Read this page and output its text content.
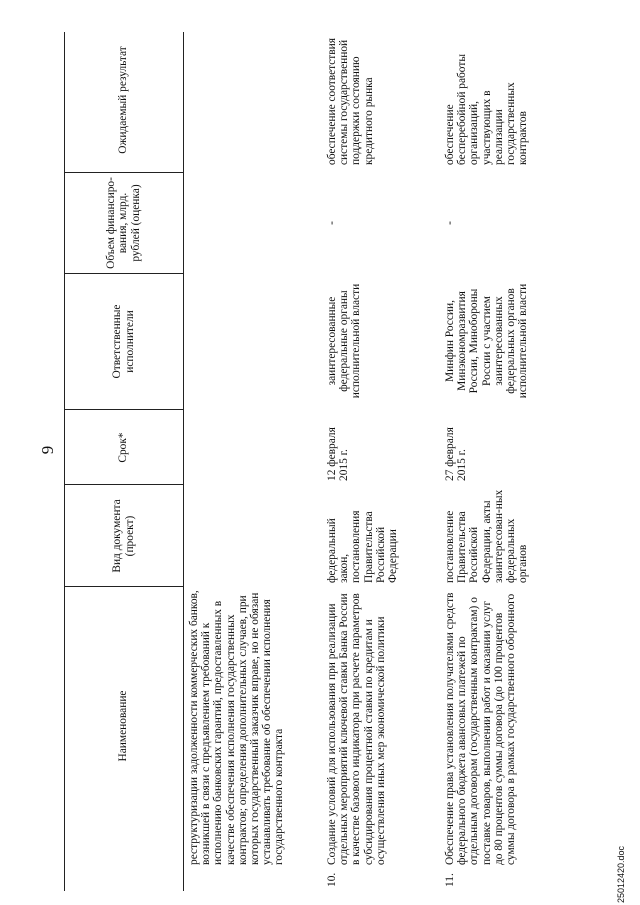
9
Наименование
Вид документа (проект)
Срок*
Ответственные исполнители
Объем финансиро-вания, млрд. рублей (оценка)
Ожидаемый результат
реструктуризации задолженности коммерческих банков, возникшей в связи с предъявлением требований к исполнению банковских гарантий, предоставленных в качестве обеспечения исполнения государственных контрактов; определения дополнительных случаев, при которых государственный заказчик вправе, но не обязан устанавливать требование об обеспечении исполнения государственного контракта
10.
Создание условий для использования при реализации отдельных мероприятий ключевой ставки Банка России в качестве базового индикатора при расчете параметров субсидирования процентной ставки по кредитам и осуществления иных мер экономической политики
федеральный закон, постановления Правительства Российской Федерации
12 февраля 2015 г.
заинтересованные федеральные органы исполнительной власти
-
обеспечение соответствия системы государственной поддержки состоянию кредитного рынка
11.
Обеспечение права установления получателями средств федерального бюджета авансовых платежей по отдельным договорам (государственным контрактам) о поставке товаров, выполнении работ и оказании услуг до 80 процентов суммы договора (до 100 процентов суммы договора в рамках государственного оборонного
постановление Правительства Российской Федерации, акты заинтересован-ных федеральных органов
27 февраля 2015 г.
Минфин России, Минэкономразвития России, Минобороны России с участием заинтересованных федеральных органов исполнительной власти
-
обеспечение бесперебойной работы организаций, участвующих в реализации государственных контрактов
25012420.doc
